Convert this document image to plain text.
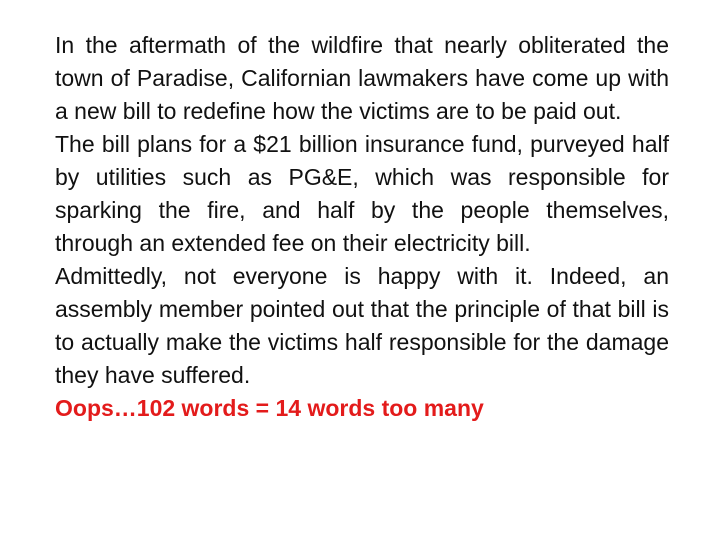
In the aftermath of the wildfire that nearly obliterated the town of Paradise, Californian lawmakers have come up with a new bill to redefine how the victims are to be paid out.

The bill plans for a $21 billion insurance fund, purveyed half by utilities such as PG&E, which was responsible for sparking the fire, and half by the people themselves, through an extended fee on their electricity bill.

Admittedly, not everyone is happy with it. Indeed, an assembly member pointed out that the principle of that bill is to actually make the victims half responsible for the damage they have suffered.

Oops…102 words = 14 words too many
